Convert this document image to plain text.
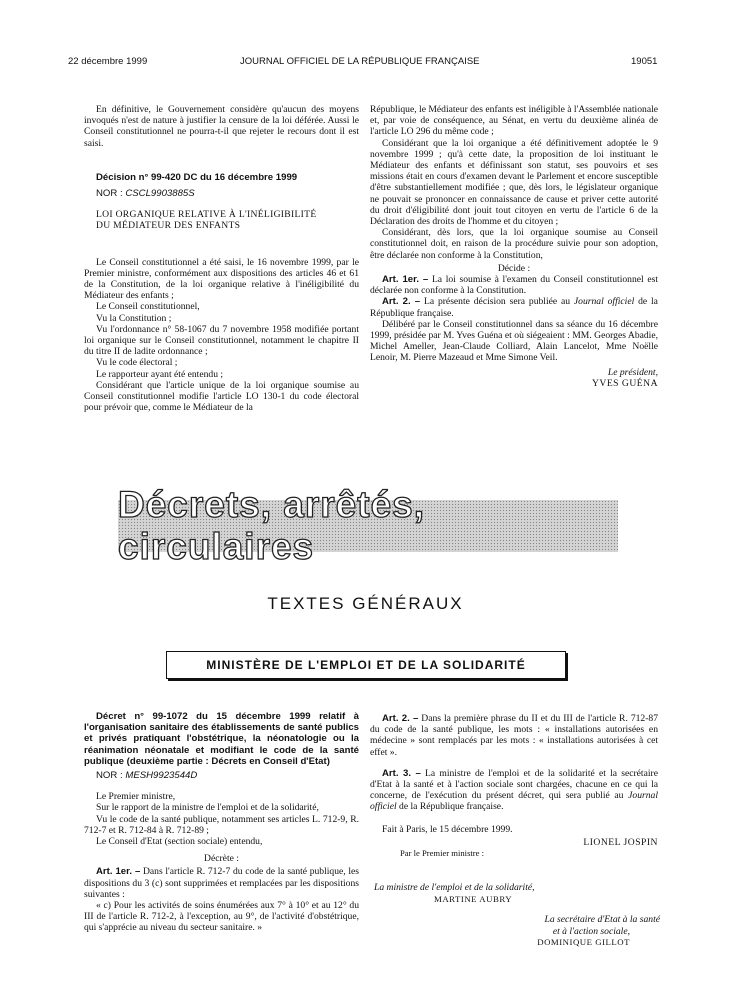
22 décembre 1999	JOURNAL OFFICIEL DE LA RÉPUBLIQUE FRANÇAISE	19051

En définitive, le Gouvernement considère qu'aucun des moyens invoqués n'est de nature à justifier la censure de la loi déférée. Aussi le Conseil constitutionnel ne pourra-t-il que rejeter le recours dont il est saisi.

Décision n° 99-420 DC du 16 décembre 1999

NOR : CSCL9903885S

LOI ORGANIQUE RELATIVE À L'INÉLIGIBILITÉ

DU MÉDIATEUR DES ENFANTS

Le Conseil constitutionnel a été saisi, le 16 novembre 1999, par le Premier ministre, conformément aux dispositions des articles 46 et 61 de la Constitution, de la loi organique relative à l'inéligibilité du Médiateur des enfants ;

Le Conseil constitutionnel,

Vu la Constitution ;

Vu l'ordonnance n° 58-1067 du 7 novembre 1958 modifiée portant loi organique sur le Conseil constitutionnel, notamment le chapitre II du titre II de ladite ordonnance ;

Vu le code électoral ;

Le rapporteur ayant été entendu ;

Considérant que l'article unique de la loi organique soumise au Conseil constitutionnel modifie l'article LO 130-1 du code électoral pour prévoir que, comme le Médiateur de la

République, le Médiateur des enfants est inéligible à l'Assemblée nationale et, par voie de conséquence, au Sénat, en vertu du deuxième alinéa de l'article LO 296 du même code ;

Considérant que la loi organique a été définitivement adoptée le 9 novembre 1999 ; qu'à cette date, la proposition de loi instituant le Médiateur des enfants et définissant son statut, ses pouvoirs et ses missions était en cours d'examen devant le Parlement et encore susceptible d'être substantiellement modifiée ; que, dès lors, le législateur organique ne pouvait se prononcer en connaissance de cause et priver cette autorité du droit d'éligibilité dont jouit tout citoyen en vertu de l'article 6 de la Déclaration des droits de l'homme et du citoyen ;

Considérant, dès lors, que la loi organique soumise au Conseil constitutionnel doit, en raison de la procédure suivie pour son adoption, être déclarée non conforme à la Constitution,

Décide :

Art. 1er. – La loi soumise à l'examen du Conseil constitutionnel est déclarée non conforme à la Constitution.

Art. 2. – La présente décision sera publiée au Journal officiel de la République française.

Délibéré par le Conseil constitutionnel dans sa séance du 16 décembre 1999, présidée par M. Yves Guéna et où siégeaient : MM. Georges Abadie, Michel Ameller, Jean-Claude Colliard, Alain Lancelot, Mme Noëlle Lenoir, M. Pierre Mazeaud et Mme Simone Veil.

Le président,

YVES GUÉNA

Décrets, arrêtés, circulaires
TEXTES GÉNÉRAUX
MINISTÈRE DE L'EMPLOI ET DE LA SOLIDARITÉ

Décret n° 99-1072 du 15 décembre 1999 relatif à l'organisation sanitaire des établissements de santé publics et privés pratiquant l'obstétrique, la néonatologie ou la réanimation néonatale et modifiant le code de la santé publique (deuxième partie : Décrets en Conseil d'Etat)

NOR : MESH9923544D

Le Premier ministre,

Sur le rapport de la ministre de l'emploi et de la solidarité,

Vu le code de la santé publique, notamment ses articles L. 712-9, R. 712-7 et R. 712-84 à R. 712-89 ;

Le Conseil d'Etat (section sociale) entendu,

Décrète :

Art. 1er. – Dans l'article R. 712-7 du code de la santé publique, les dispositions du 3 (c) sont supprimées et remplacées par les dispositions suivantes :

« c) Pour les activités de soins énumérées aux 7° à 10° et au 12° du III de l'article R. 712-2, à l'exception, au 9°, de l'activité d'obstétrique, qui s'apprécie au niveau du secteur sanitaire. »

Art. 2. – Dans la première phrase du II et du III de l'article R. 712-87 du code de la santé publique, les mots : « installations autorisées en médecine » sont remplacés par les mots : « installations autorisées à cet effet ».

Art. 3. – La ministre de l'emploi et de la solidarité et la secrétaire d'Etat à la santé et à l'action sociale sont chargées, chacune en ce qui la concerne, de l'exécution du présent décret, qui sera publié au Journal officiel de la République française.

Fait à Paris, le 15 décembre 1999.

LIONEL JOSPIN

Par le Premier ministre :

La ministre de l'emploi et de la solidarité,
MARTINE AUBRY
La secrétaire d'Etat à la santé
et à l'action sociale,
DOMINIQUE GILLOT
